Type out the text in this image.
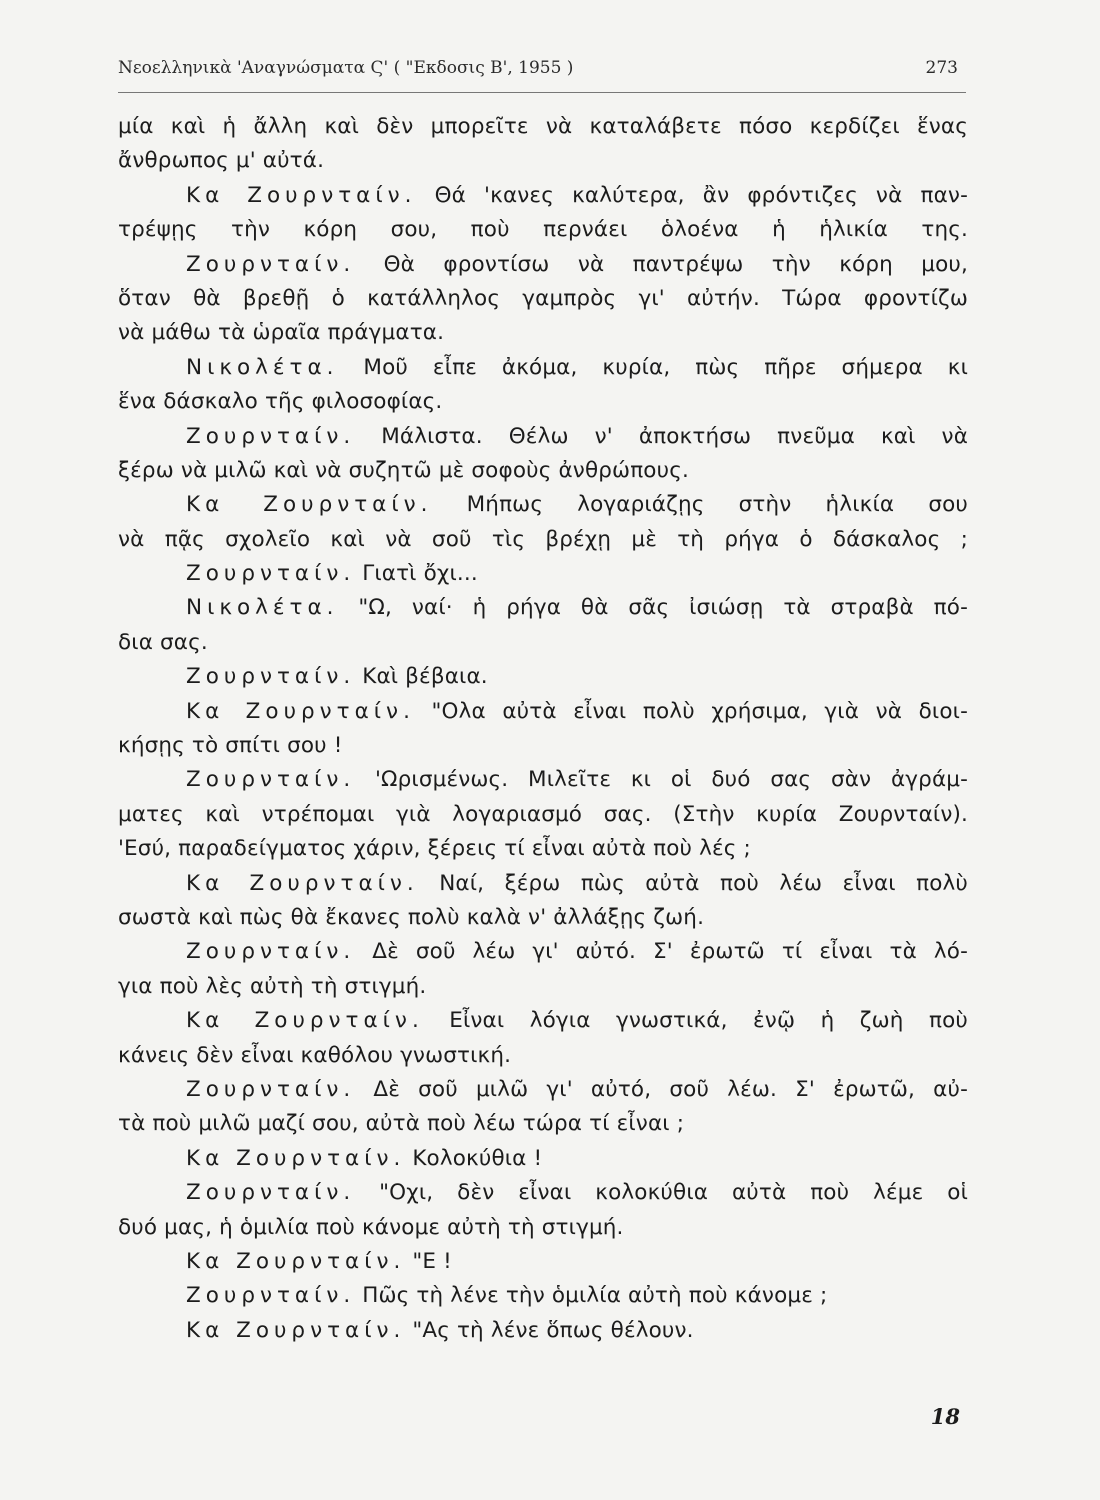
Νεοελληνικὰ 'Αναγνώσματα Ϛ' ( "Εκδοσις Β', 1955 )	273
μία καὶ ἡ ἄλλη καὶ δὲν μπορεῖτε νὰ καταλάβετε πόσο κερδίζει ἕνας
ἄνθρωπος μ' αὐτά.
Κα Ζουρνταίν. Θά 'κανες καλύτερα, ἂν φρόντιζες νὰ παν-
τρέψῃς τὴν κόρη σου, ποὺ περνάει ὁλοένα ἡ ἡλικία της.
Ζουρνταίν. Θὰ φροντίσω νὰ παντρέψω τὴν κόρη μου,
ὅταν θὰ βρεθῇ ὁ κατάλληλος γαμπρὸς γι' αὐτήν. Τώρα φροντίζω
νὰ μάθω τὰ ὡραῖα πράγματα.
Νικολέτα. Μοῦ εἶπε ἀκόμα, κυρία, πὼς πῆρε σήμερα κι
ἕνα δάσκαλο τῆς φιλοσοφίας.
Ζουρνταίν. Μάλιστα. Θέλω ν' ἀποκτήσω πνεῦμα καὶ νὰ
ξέρω νὰ μιλῶ καὶ νὰ συζητῶ μὲ σοφοὺς ἀνθρώπους.
Κα Ζουρνταίν. Μήπως λογαριάζῃς στὴν ἡλικία σου
νὰ πᾷς σχολεῖο καὶ νὰ σοῦ τὶς βρέχῃ μὲ τὴ ρήγα ὁ δάσκαλος ;
Ζουρνταίν. Γιατὶ ὄχι...
Νικολέτα. "Ω, ναί· ἡ ρήγα θὰ σᾶς ἰσιώσῃ τὰ στραβὰ πό-
δια σας.
Ζουρνταίν. Καὶ βέβαια.
Κα Ζουρνταίν. "Ολα αὐτὰ εἶναι πολὺ χρήσιμα, γιὰ νὰ διοι-
κήσῃς τὸ σπίτι σου !
Ζουρνταίν. 'Ωρισμένως. Μιλεῖτε κι οἱ δυό σας σὰν ἀγράμ-
ματες καὶ ντρέπομαι γιὰ λογαριασμό σας. (Στὴν κυρία Ζουρνταίν).
'Εσύ, παραδείγματος χάριν, ξέρεις τί εἶναι αὐτὰ ποὺ λές ;
Κα Ζουρνταίν. Ναί, ξέρω πὼς αὐτὰ ποὺ λέω εἶναι πολὺ
σωστὰ καὶ πὼς θὰ ἔκανες πολὺ καλὰ ν' ἀλλάξῃς ζωή.
Ζουρνταίν. Δὲ σοῦ λέω γι' αὐτό. Σ' ἐρωτῶ τί εἶναι τὰ λό-
για ποὺ λὲς αὐτὴ τὴ στιγμή.
Κα Ζουρνταίν. Εἶναι λόγια γνωστικά, ἐνῷ ἡ ζωὴ ποὺ
κάνεις δὲν εἶναι καθόλου γνωστική.
Ζουρνταίν. Δὲ σοῦ μιλῶ γι' αὐτό, σοῦ λέω. Σ' ἐρωτῶ, αὐ-
τὰ ποὺ μιλῶ μαζί σου, αὐτὰ ποὺ λέω τώρα τί εἶναι ;
Κα Ζουρνταίν. Κολοκύθια !
Ζουρνταίν. "Οχι, δὲν εἶναι κολοκύθια αὐτὰ ποὺ λέμε οἱ
δυό μας, ἡ ὁμιλία ποὺ κάνομε αὐτὴ τὴ στιγμή.
Κα Ζουρνταίν. "Ε !
Ζουρνταίν. Πῶς τὴ λένε τὴν ὁμιλία αὐτὴ ποὺ κάνομε ;
Κα Ζουρνταίν. "Ας τὴ λένε ὅπως θέλουν.
18
